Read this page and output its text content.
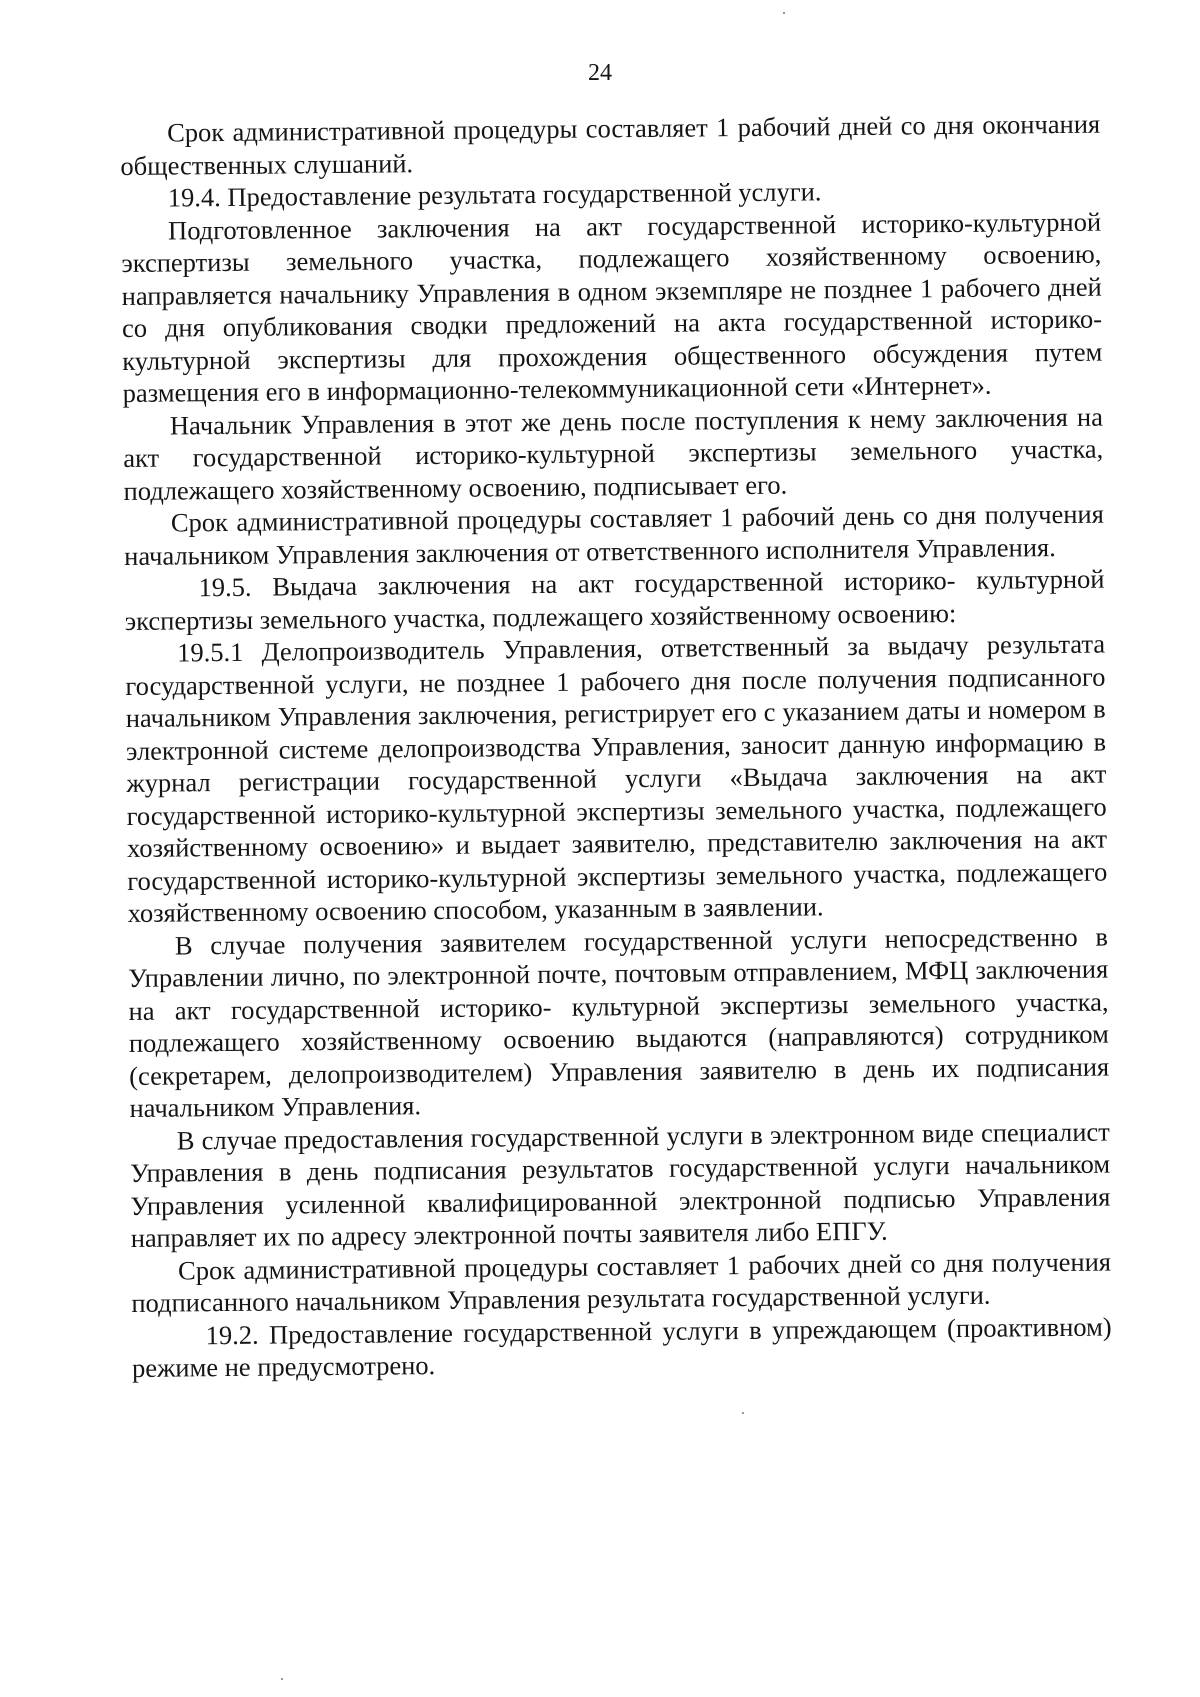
24

Срок административной процедуры составляет 1 рабочий дней со дня окончания общественных слушаний.

19.4. Предоставление результата государственной услуги.

Подготовленное заключения на акт государственной историко-культурной экспертизы земельного участка, подлежащего хозяйственному освоению, направляется начальнику Управления в одном экземпляре не позднее 1 рабочего дней со дня опубликования сводки предложений на акта государственной историко-культурной экспертизы для прохождения общественного обсуждения путем размещения его в информационно-телекоммуникационной сети «Интернет».

Начальник Управления в этот же день после поступления к нему заключения на акт государственной историко-культурной экспертизы земельного участка, подлежащего хозяйственному освоению, подписывает его.

Срок административной процедуры составляет 1 рабочий день со дня получения начальником Управления заключения от ответственного исполнителя Управления.

19.5. Выдача заключения на акт государственной историко- культурной экспертизы земельного участка, подлежащего хозяйственному освоению:

19.5.1 Делопроизводитель Управления, ответственный за выдачу результата государственной услуги, не позднее 1 рабочего дня после получения подписанного начальником Управления заключения, регистрирует его с указанием даты и номером в электронной системе делопроизводства Управления, заносит данную информацию в журнал регистрации государственной услуги «Выдача заключения на акт государственной историко-культурной экспертизы земельного участка, подлежащего хозяйственному освоению» и выдает заявителю, представителю заключения на акт государственной историко-культурной экспертизы земельного участка, подлежащего хозяйственному освоению способом, указанным в заявлении.

В случае получения заявителем государственной услуги непосредственно в Управлении лично, по электронной почте, почтовым отправлением, МФЦ заключения на акт государственной историко- культурной экспертизы земельного участка, подлежащего хозяйственному освоению выдаются (направляются) сотрудником (секретарем, делопроизводителем) Управления заявителю в день их подписания начальником Управления.

В случае предоставления государственной услуги в электронном виде специалист Управления в день подписания результатов государственной услуги начальником Управления усиленной квалифицированной электронной подписью Управления направляет их по адресу электронной почты заявителя либо ЕПГУ.

Срок административной процедуры составляет 1 рабочих дней со дня получения подписанного начальником Управления результата государственной услуги.

19.2. Предоставление государственной услуги в упреждающем (проактивном) режиме не предусмотрено.
